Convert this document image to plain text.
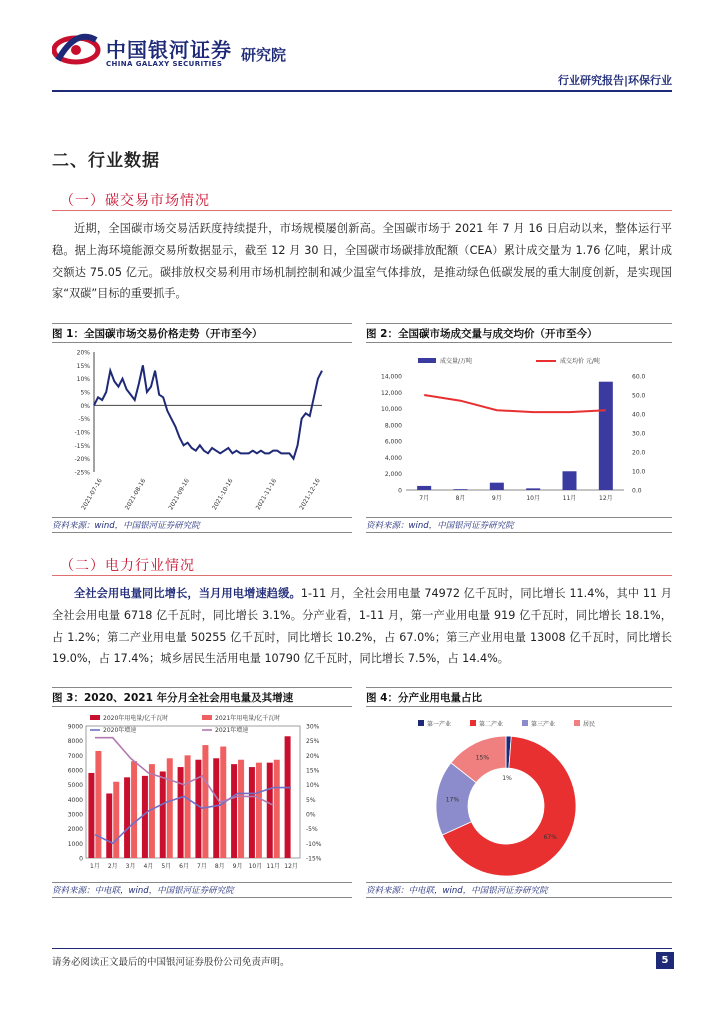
中国银河证券
CHINA GALAXY SECURITIES 研究院
行业研究报告|环保行业
二、行业数据
（一）碳交易市场情况
近期，全国碳市场交易活跃度持续提升，市场规模屡创新高。全国碳市场于 2021 年 7 月 16 日启动以来，整体运行平稳。据上海环境能源交易所数据显示，截至 12 月 30 日，全国碳市场碳排放配额（CEA）累计成交量为 1.76 亿吨，累计成交额达 75.05 亿元。碳排放权交易利用市场机制控制和减少温室气体排放，是推动绿色低碳发展的重大制度创新，是实现国家“双碳”目标的重要抓手。
图 1：全国碳市场交易价格走势（开市至今）
20%
15%
10%
5%
0%
-5%
-10%
-15%
-20%
-25%
2021-07-16	2021-08-16	2021-09-16	2021-10-16	2021-11-16	2021-12-16
资料来源：wind，中国银河证券研究院
图 2：全国碳市场成交量与成交均价（开市至今）
成交量/万吨	成交均价 元/吨
14,000
12,000
10,000
8,000
6,000
4,000
2,000
0
60.0
50.0
40.0
30.0
20.0
10.0
0.0
7月	8月	9月	10月	11月	12月
资料来源：wind，中国银河证券研究院
（二）电力行业情况
全社会用电量同比增长，当月用电增速趋缓。1-11 月，全社会用电量 74972 亿千瓦时，同比增长 11.4%，其中 11 月全社会用电量 6718 亿千瓦时，同比增长 3.1%。分产业看，1-11 月，第一产业用电量 919 亿千瓦时，同比增长 18.1%，占 1.2%；第二产业用电量 50255 亿千瓦时，同比增长 10.2%，占 67.0%；第三产业用电量 13008 亿千瓦时，同比增长 19.0%，占 17.4%；城乡居民生活用电量 10790 亿千瓦时，同比增长 7.5%，占 14.4%。
图 3：2020、2021 年分月全社会用电量及其增速
9000
8000
7000
6000
5000
4000
3000
2000
1000
0
30%
25%
20%
15%
10%
5%
0%
-5%
-10%
-15%
1月 2月 3月 4月 5月 6月 7月 8月 9月 10月 11月 12月
2020年用电量/亿千瓦时	2021年用电量/亿千瓦时
2020年增速	2021年增速
资料来源：中电联，wind，中国银河证券研究院
图 4：分产业用电量占比
第一产业	第二产业	第三产业	居民
1%
67%
17%
15%
资料来源：中电联，wind，中国银河证券研究院
请务必阅读正文最后的中国银河证券股份公司免责声明。	5
